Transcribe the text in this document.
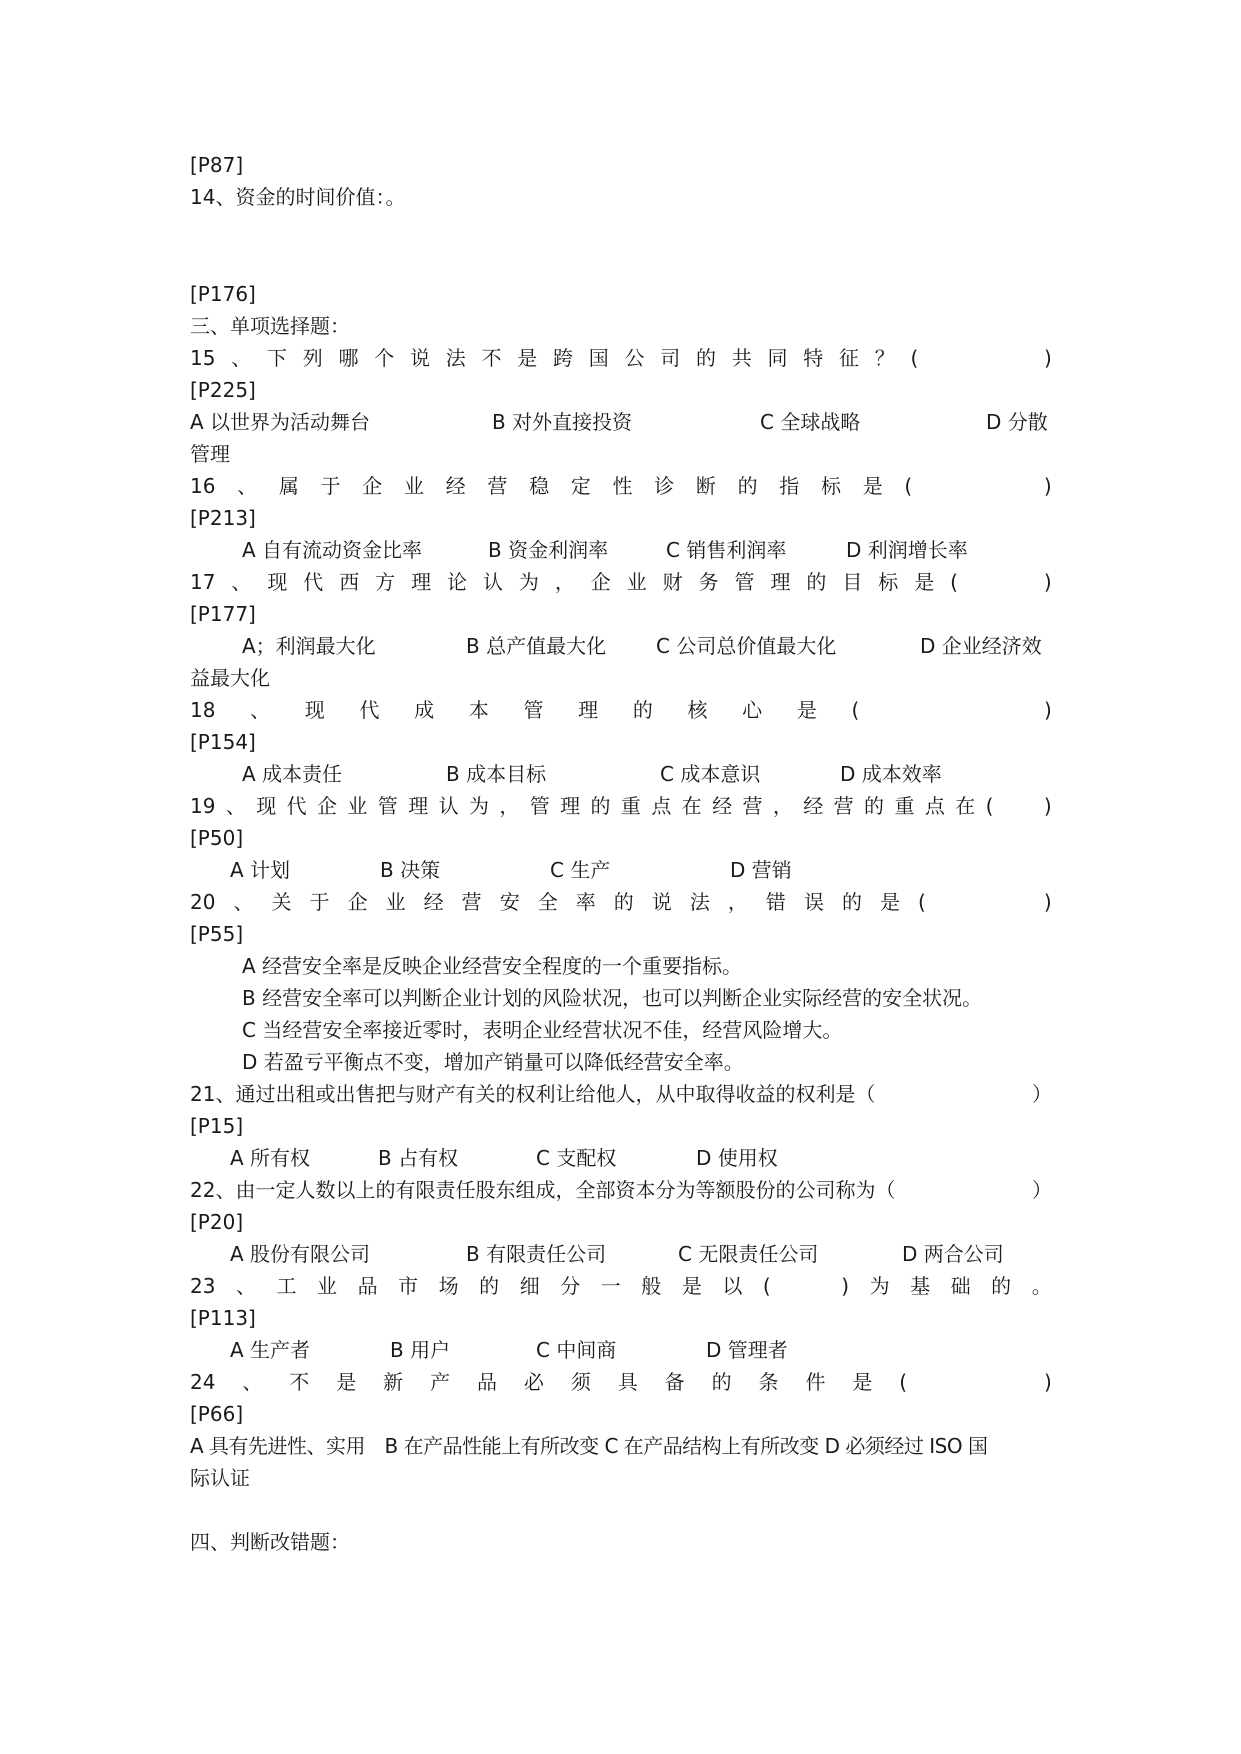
[P87]
14、资金的时间价值：。
[P176]
三、单项选择题：
15 、 下 列 哪 个 说 法 不 是 跨 国 公 司 的 共 同 特 征 ？ (	)
[P225]
A 以世界为活动舞台	B 对外直接投资	C 全球战略	D 分散
管理
16 、 属 于 企 业 经 营 稳 定 性 诊 断 的 指 标 是 (	)
[P213]
A 自有流动资金比率	B 资金利润率	C 销售利润率	D 利润增长率
17 、 现 代 西 方 理 论 认 为 ， 企 业 财 务 管 理 的 目 标 是 (	)
[P177]
A；利润最大化	B 总产值最大化	C 公司总价值最大化	D 企业经济效
益最大化
18 、 现 代 成 本 管 理 的 核 心 是 (	)
[P154]
A 成本责任	B 成本目标	C 成本意识	D 成本效率
19 、 现 代 企 业 管 理 认 为 ， 管 理 的 重 点 在 经 营 ， 经 营 的 重 点 在 (	)
[P50]
A 计划	B 决策	C 生产	D 营销
20 、 关 于 企 业 经 营 安 全 率 的 说 法 ， 错 误 的 是 (	)
[P55]
A 经营安全率是反映企业经营安全程度的一个重要指标。
B 经营安全率可以判断企业计划的风险状况，也可以判断企业实际经营的安全状况。
C 当经营安全率接近零时，表明企业经营状况不佳，经营风险增大。
D 若盈亏平衡点不变，增加产销量可以降低经营安全率。
21、通过出租或出售把与财产有关的权利让给他人，从中取得收益的权利是（	）
[P15]
A 所有权	B 占有权	C 支配权	D 使用权
22、由一定人数以上的有限责任股东组成，全部资本分为等额股份的公司称为（	）
[P20]
A 股份有限公司	B 有限责任公司	C 无限责任公司	D 两合公司
23 、 工 业 品 市 场 的 细 分 一 般 是 以 (	) 为 基 础 的 。
[P113]
A 生产者	B 用户	C 中间商	D 管理者
24 、 不 是 新 产 品 必 须 具 备 的 条 件 是 (	)
[P66]
A 具有先进性、实用　B 在产品性能上有所改变 C 在产品结构上有所改变 D 必须经过 ISO 国
际认证
四、判断改错题：
